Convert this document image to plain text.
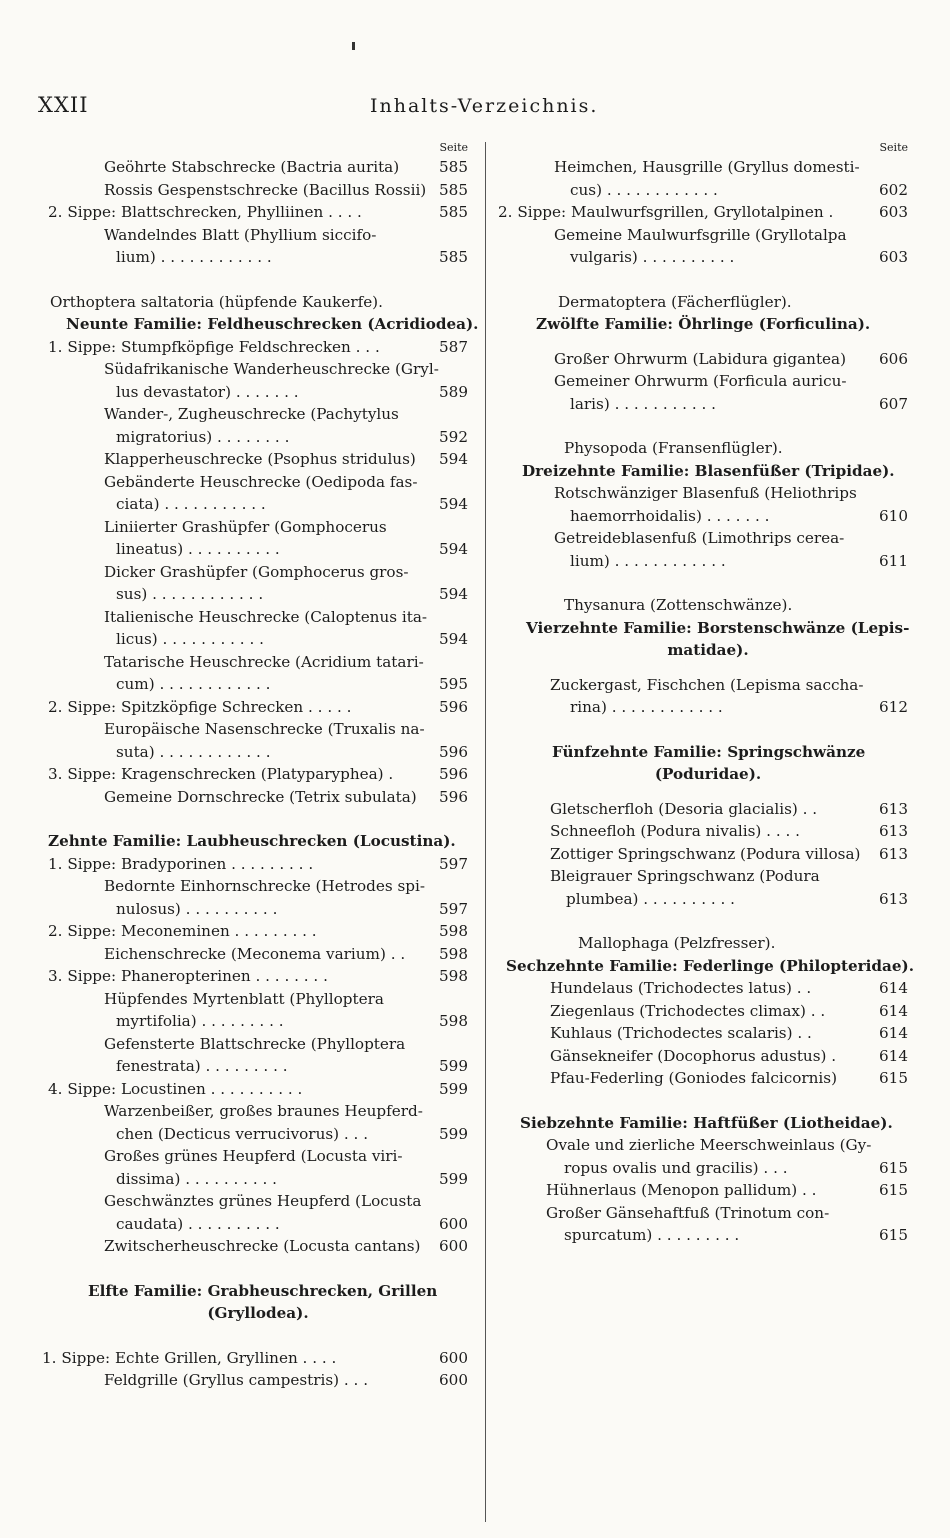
XXII	Inhalts-Verzeichnis.
Seite
Geöhrte Stabschrecke (Bactria aurita)	585
Rossis Gespenstschrecke (Bacillus Rossii) 585
2. Sippe: Blattschrecken, Phylliinen . . . .	585
Wandelndes Blatt (Phyllium siccifo-
lium) . . . . . . . . . . . .	585
Orthoptera saltatoria (hüpfende Kaukerfe).
Neunte Familie: Feldheuschrecken (Acridiodea).
1. Sippe: Stumpfköpfige Feldschrecken . . .	587
Südafrikanische Wanderheuschrecke (Gryl-
lus devastator) . . . . . . .	589
Wander-, Zugheuschrecke (Pachytylus
migratorius) . . . . . . . .	592
Klapperheuschrecke (Psophus stridulus) 594
Gebänderte Heuschrecke (Oedipoda fas-
ciata) . . . . . . . . . . .	594
Liniierter Grashüpfer (Gomphocerus
lineatus) . . . . . . . . . .	594
Dicker Grashüpfer (Gomphocerus gros-
sus) . . . . . . . . . . . .	594
Italienische Heuschrecke (Caloptenus ita-
licus) . . . . . . . . . . .	594
Tatarische Heuschrecke (Acridium tatari-
cum) . . . . . . . . . . . .	595
2. Sippe: Spitzköpfige Schrecken . . . . .	596
Europäische Nasenschrecke (Truxalis na-
suta) . . . . . . . . . . . .	596
3. Sippe: Kragenschrecken (Platyparyphea) .	596
Gemeine Dornschrecke (Tetrix subulata) 596
Zehnte Familie: Laubheuschrecken (Locustina).
1. Sippe: Bradyporinen . . . . . . . . .	597
Bedornte Einhornschrecke (Hetrodes spi-
nulosus) . . . . . . . . . .	597
2. Sippe: Meconeminen . . . . . . . . .	598
Eichenschrecke (Meconema varium) . . 598
3. Sippe: Phaneropterinen . . . . . . . .	598
Hüpfendes Myrtenblatt (Phylloptera
myrtifolia) . . . . . . . . .	598
Gefensterte Blattschrecke (Phylloptera
fenestrata) . . . . . . . . .	599
4. Sippe: Locustinen . . . . . . . . . .	599
Warzenbeißer, großes braunes Heupferd-
chen (Decticus verrucivorus) . . .	599
Großes grünes Heupferd (Locusta viri-
dissima) . . . . . . . . . .	599
Geschwänztes grünes Heupferd (Locusta
caudata) . . . . . . . . . .	600
Zwitscherheuschrecke (Locusta cantans) 600
Elfte Familie: Grabheuschrecken, Grillen
(Gryllodea).
1. Sippe: Echte Grillen, Gryllinen . . . .	600
Feldgrille (Gryllus campestris) . . .	600
Seite
Heimchen, Hausgrille (Gryllus domesti-
cus) . . . . . . . . . . . .	602
2. Sippe: Maulwurfsgrillen, Gryllotalpinen .	603
Gemeine Maulwurfsgrille (Gryllotalpa
vulgaris) . . . . . . . . . .	603
Dermatoptera (Fächerflügler).
Zwölfte Familie: Öhrlinge (Forficulina).
Großer Ohrwurm (Labidura gigantea) 606
Gemeiner Ohrwurm (Forficula auricu-
laris) . . . . . . . . . . .	607
Physopoda (Fransenflügler).
Dreizehnte Familie: Blasenfüßer (Tripidae).
Rotschwänziger Blasenfuß (Heliothrips
haemorrhoidalis) . . . . . . .	610
Getreideblasenfuß (Limothrips cerea-
lium) . . . . . . . . . . . .	611
Thysanura (Zottenschwänze).
Vierzehnte Familie: Borstenschwänze (Lepis-
matidae).
Zuckergast, Fischchen (Lepisma saccha-
rina) . . . . . . . . . . . .	612
Fünfzehnte Familie: Springschwänze
(Poduridae).
Gletscherfloh (Desoria glacialis) . .	613
Schneefloh (Podura nivalis) . . . .	613
Zottiger Springschwanz (Podura villosa) 613
Bleigrauer Springschwanz (Podura
plumbea) . . . . . . . . . .	613
Mallophaga (Pelzfresser).
Sechzehnte Familie: Federlinge (Philopteridae).
Hundelaus (Trichodectes latus) . .	614
Ziegenlaus (Trichodectes climax) . .	614
Kuhlaus (Trichodectes scalaris) . .	614
Gänsekneifer (Docophorus adustus) .	614
Pfau-Federling (Goniodes falcicornis)	615
Siebzehnte Familie: Haftfüßer (Liotheidae).
Ovale und zierliche Meerschweinlaus (Gy-
ropus ovalis und gracilis) . . .	615
Hühnerlaus (Menopon pallidum) . .	615
Großer Gänsehaftfuß (Trinotum con-
spurcatum) . . . . . . . . .	615
